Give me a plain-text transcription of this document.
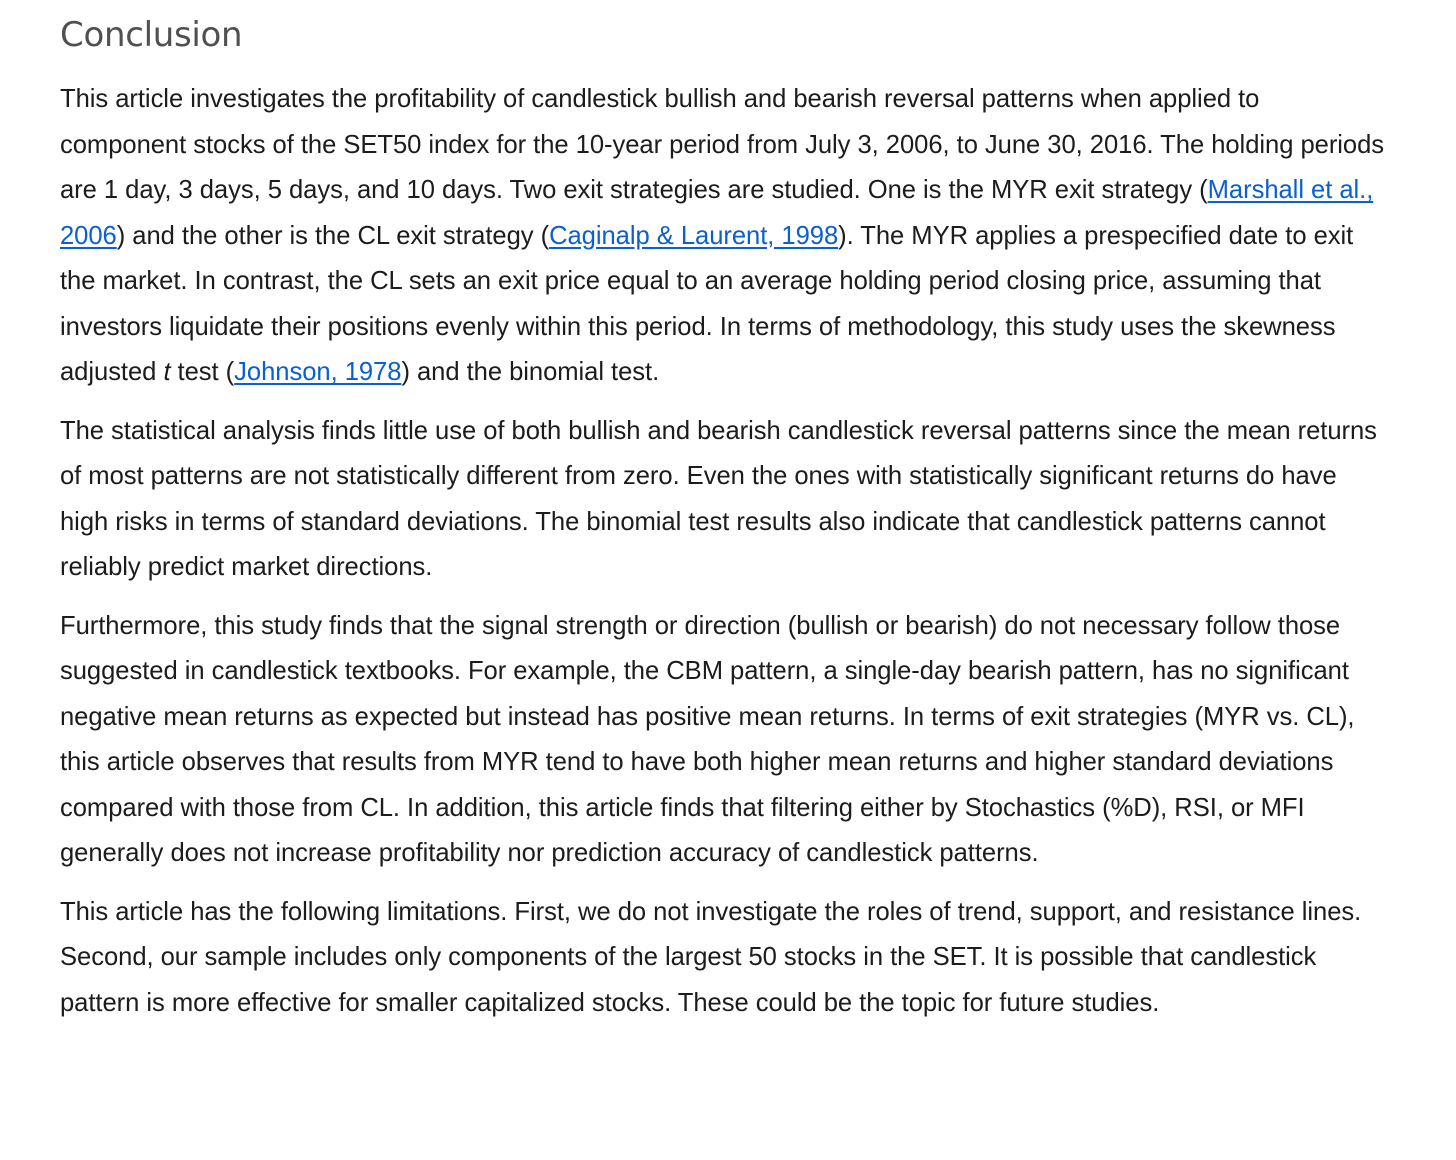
Conclusion

This article investigates the profitability of candlestick bullish and bearish reversal patterns when applied to component stocks of the SET50 index for the 10-year period from July 3, 2006, to June 30, 2016. The holding periods are 1 day, 3 days, 5 days, and 10 days. Two exit strategies are studied. One is the MYR exit strategy (Marshall et al., 2006) and the other is the CL exit strategy (Caginalp & Laurent, 1998). The MYR applies a prespecified date to exit the market. In contrast, the CL sets an exit price equal to an average holding period closing price, assuming that investors liquidate their positions evenly within this period. In terms of methodology, this study uses the skewness adjusted t test (Johnson, 1978) and the binomial test.

The statistical analysis finds little use of both bullish and bearish candlestick reversal patterns since the mean returns of most patterns are not statistically different from zero. Even the ones with statistically significant returns do have high risks in terms of standard deviations. The binomial test results also indicate that candlestick patterns cannot reliably predict market directions.

Furthermore, this study finds that the signal strength or direction (bullish or bearish) do not necessary follow those suggested in candlestick textbooks. For example, the CBM pattern, a single-day bearish pattern, has no significant negative mean returns as expected but instead has positive mean returns. In terms of exit strategies (MYR vs. CL), this article observes that results from MYR tend to have both higher mean returns and higher standard deviations compared with those from CL. In addition, this article finds that filtering either by Stochastics (%D), RSI, or MFI generally does not increase profitability nor prediction accuracy of candlestick patterns.

This article has the following limitations. First, we do not investigate the roles of trend, support, and resistance lines. Second, our sample includes only components of the largest 50 stocks in the SET. It is possible that candlestick pattern is more effective for smaller capitalized stocks. These could be the topic for future studies.
